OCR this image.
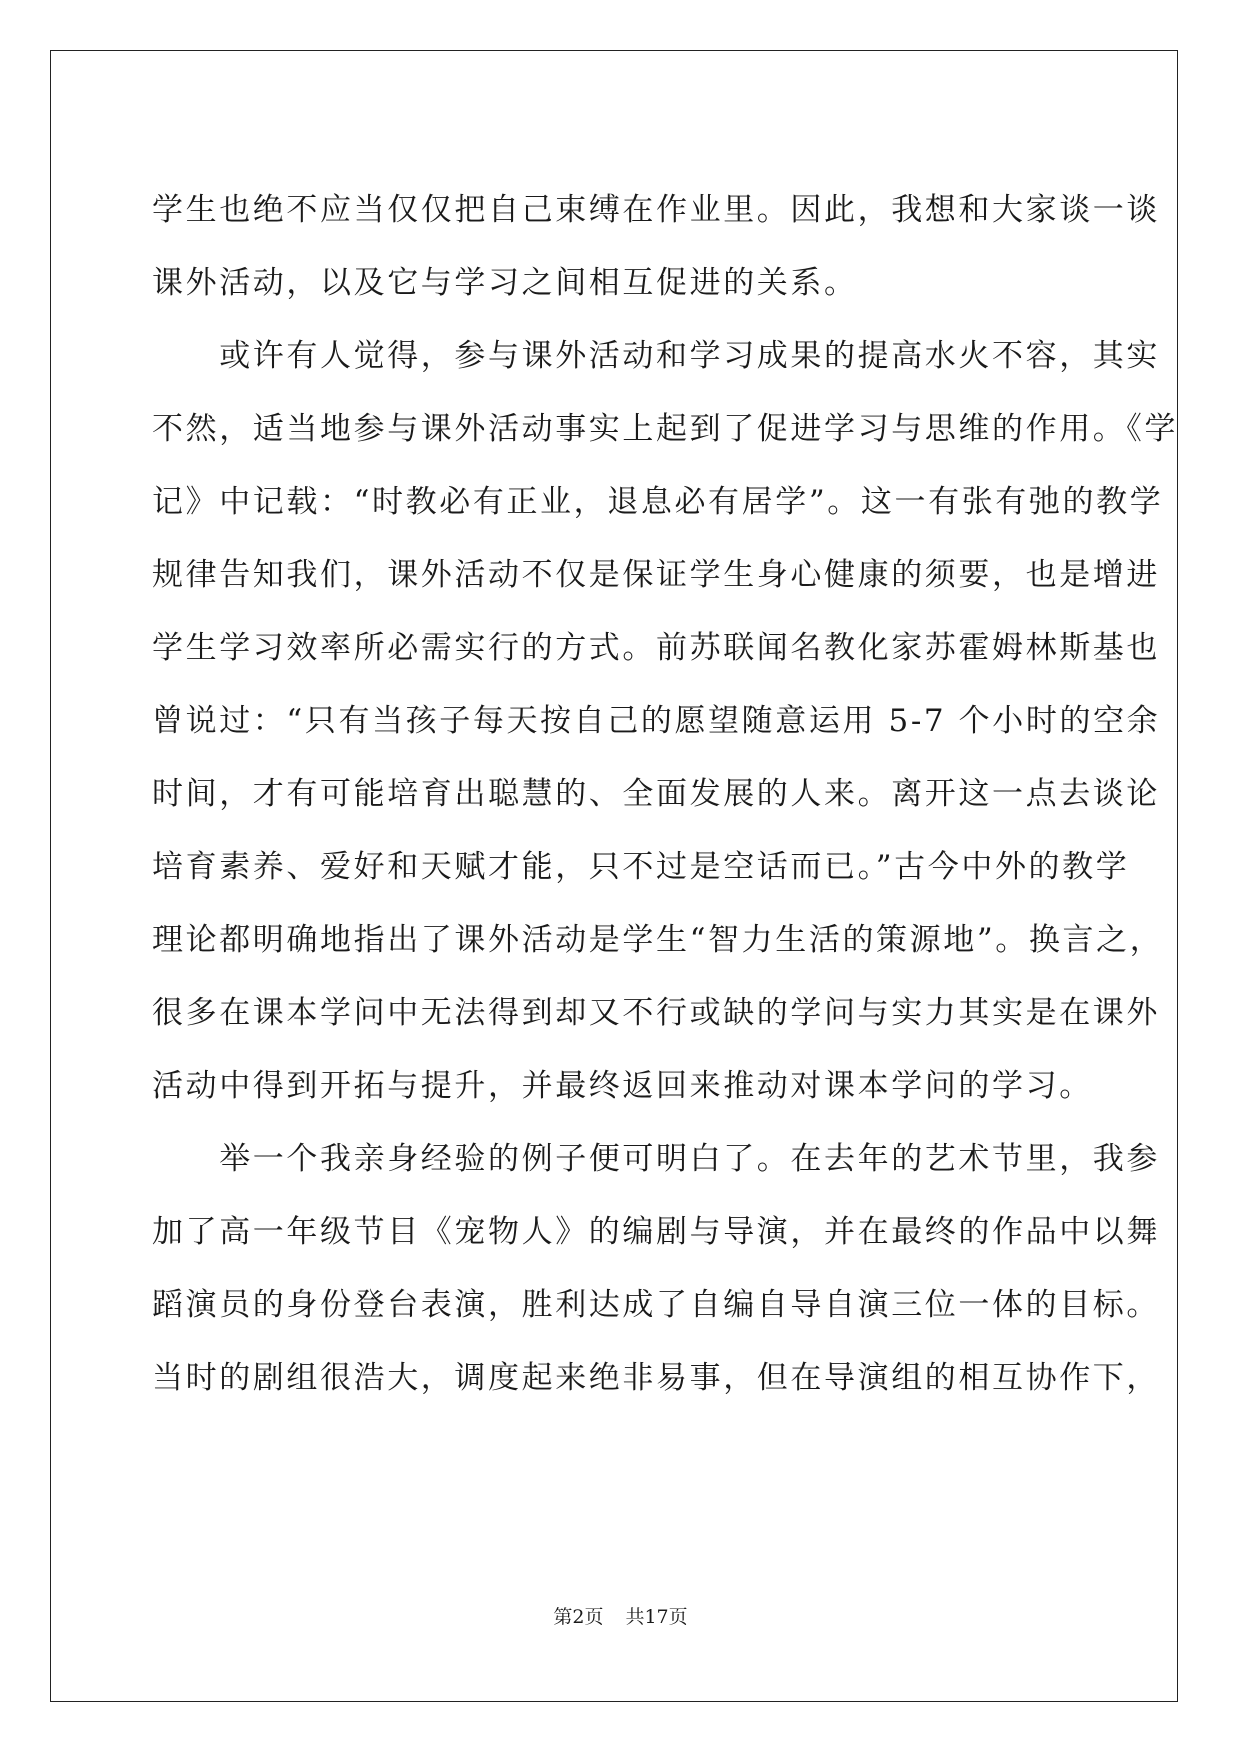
学生也绝不应当仅仅把自己束缚在作业里。因此，我想和大家谈一谈
课外活动，以及它与学习之间相互促进的关系。
　　或许有人觉得，参与课外活动和学习成果的提高水火不容，其实
不然，适当地参与课外活动事实上起到了促进学习与思维的作用。《学
记》中记载：“时教必有正业，退息必有居学”。这一有张有弛的教学
规律告知我们，课外活动不仅是保证学生身心健康的须要，也是增进
学生学习效率所必需实行的方式。前苏联闻名教化家苏霍姆林斯基也
曾说过：“只有当孩子每天按自己的愿望随意运用 5-7 个小时的空余
时间，才有可能培育出聪慧的、全面发展的人来。离开这一点去谈论
培育素养、爱好和天赋才能，只不过是空话而已。”古今中外的教学
理论都明确地指出了课外活动是学生“智力生活的策源地”。换言之，
很多在课本学问中无法得到却又不行或缺的学问与实力其实是在课外
活动中得到开拓与提升，并最终返回来推动对课本学问的学习。
　　举一个我亲身经验的例子便可明白了。在去年的艺术节里，我参
加了高一年级节目《宠物人》的编剧与导演，并在最终的作品中以舞
蹈演员的身份登台表演，胜利达成了自编自导自演三位一体的目标。
当时的剧组很浩大，调度起来绝非易事，但在导演组的相互协作下，
第2页 共17页
